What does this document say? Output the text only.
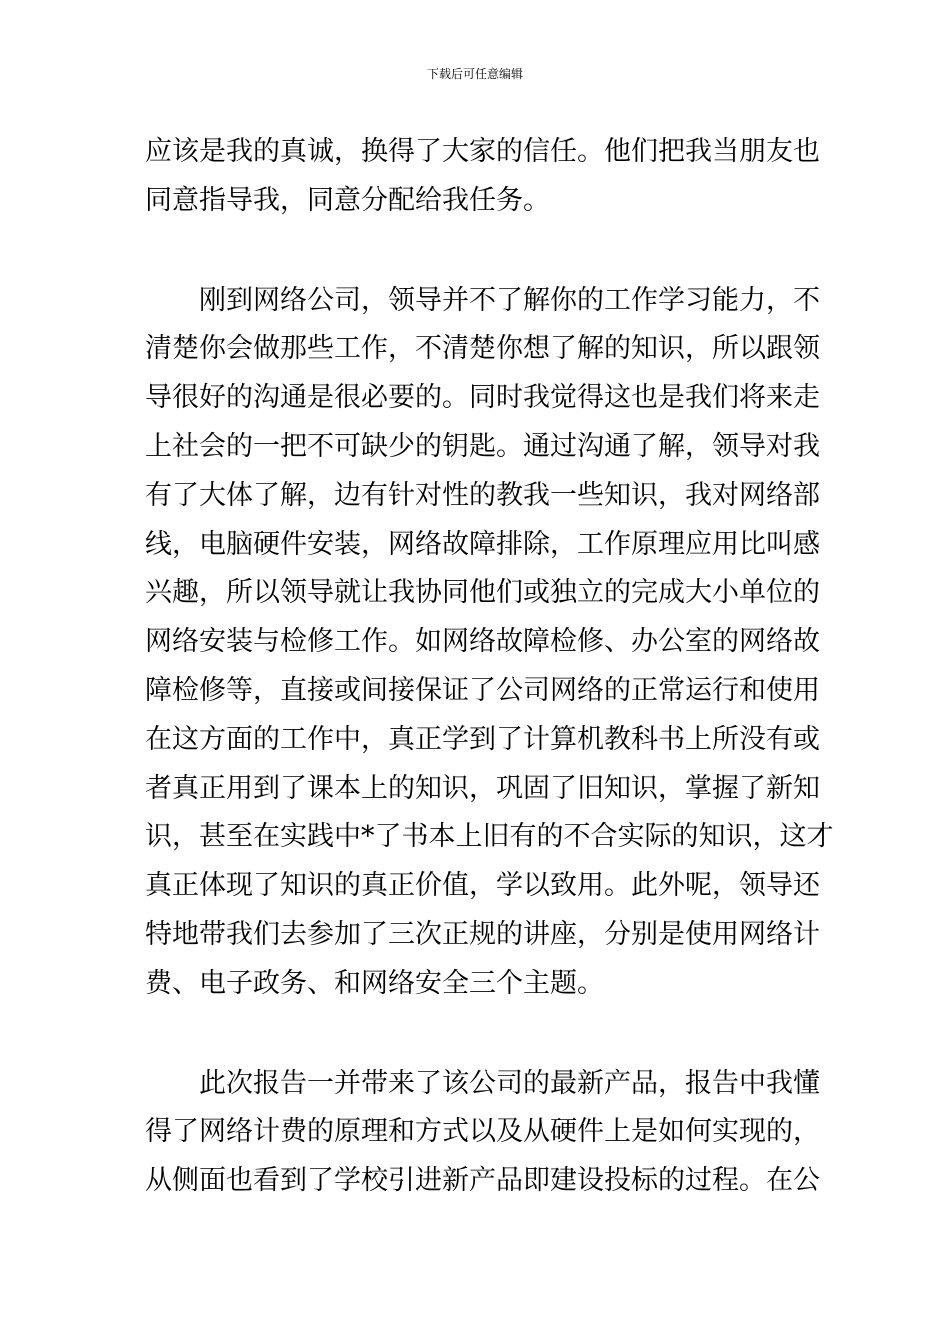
下载后可任意编辑
应该是我的真诚，换得了大家的信任。他们把我当朋友也
同意指导我，同意分配给我任务。
刚到网络公司，领导并不了解你的工作学习能力，不
清楚你会做那些工作，不清楚你想了解的知识，所以跟领
导很好的沟通是很必要的。同时我觉得这也是我们将来走
上社会的一把不可缺少的钥匙。通过沟通了解，领导对我
有了大体了解，边有针对性的教我一些知识，我对网络部
线，电脑硬件安装，网络故障排除，工作原理应用比叫感
兴趣，所以领导就让我协同他们或独立的完成大小单位的
网络安装与检修工作。如网络故障检修、办公室的网络故
障检修等，直接或间接保证了公司网络的正常运行和使用
在这方面的工作中，真正学到了计算机教科书上所没有或
者真正用到了课本上的知识，巩固了旧知识，掌握了新知
识，甚至在实践中*了书本上旧有的不合实际的知识，这才
真正体现了知识的真正价值，学以致用。此外呢，领导还
特地带我们去参加了三次正规的讲座，分别是使用网络计
费、电子政务、和网络安全三个主题。
此次报告一并带来了该公司的最新产品，报告中我懂
得了网络计费的原理和方式以及从硬件上是如何实现的，
从侧面也看到了学校引进新产品即建设投标的过程。在公
